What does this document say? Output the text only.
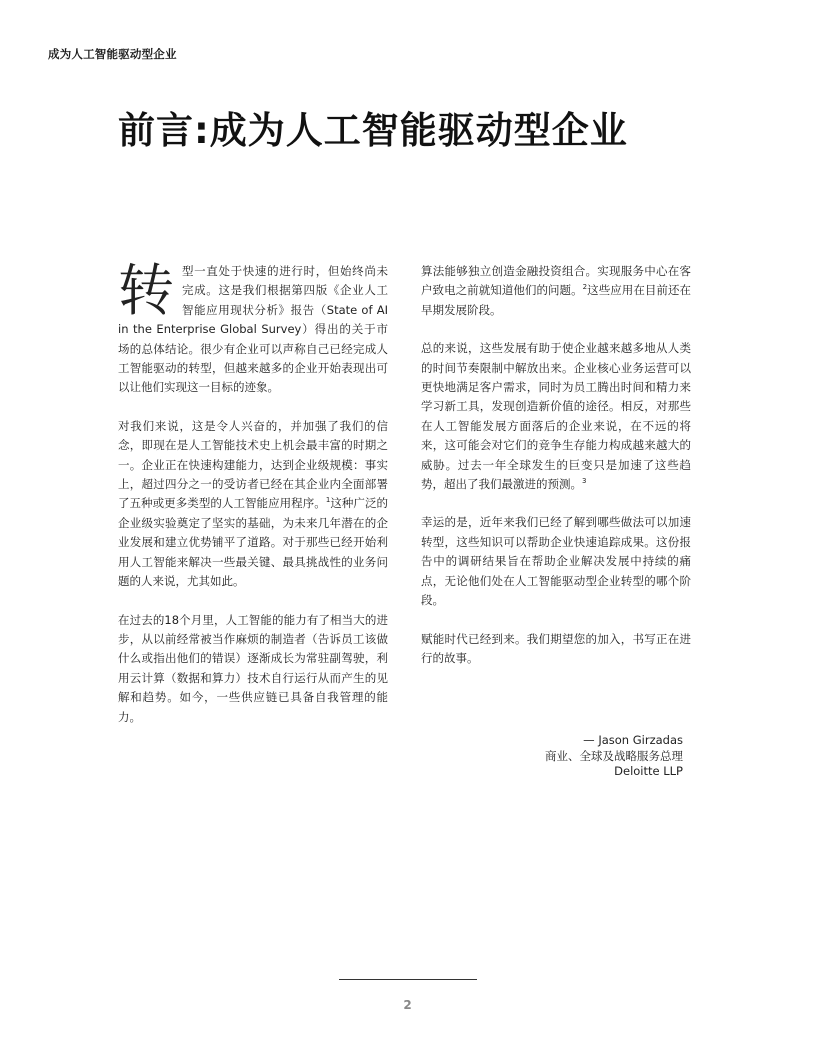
成为人工智能驱动型企业
前言:成为人工智能驱动型企业

转型一直处于快速的进行时，但始终尚未完成。这是我们根据第四版《企业人工智能应用现状分析》报告（State of AI in the Enterprise Global Survey）得出的关于市场的总体结论。很少有企业可以声称自己已经完成人工智能驱动的转型，但越来越多的企业开始表现出可以让他们实现这一目标的迹象。

对我们来说，这是令人兴奋的，并加强了我们的信念，即现在是人工智能技术史上机会最丰富的时期之一。企业正在快速构建能力，达到企业级规模：事实上，超过四分之一的受访者已经在其企业内全面部署了五种或更多类型的人工智能应用程序。$^1$这种广泛的企业级实验奠定了坚实的基础，为未来几年潜在的企业发展和建立优势铺平了道路。对于那些已经开始利用人工智能来解决一些最关键、最具挑战性的业务问题的人来说，尤其如此。

在过去的18个月里，人工智能的能力有了相当大的进步，从以前经常被当作麻烦的制造者（告诉员工该做什么或指出他们的错误）逐渐成长为常驻副驾驶，利用云计算（数据和算力）技术自行运行从而产生的见解和趋势。如今，一些供应链已具备自我管理的能力。

算法能够独立创造金融投资组合。实现服务中心在客户致电之前就知道他们的问题。$^2$这些应用在目前还在早期发展阶段。

总的来说，这些发展有助于使企业越来越多地从人类的时间节奏限制中解放出来。企业核心业务运营可以更快地满足客户需求，同时为员工腾出时间和精力来学习新工具，发现创造新价值的途径。相反，对那些在人工智能发展方面落后的企业来说，在不远的将来，这可能会对它们的竞争生存能力构成越来越大的威胁。过去一年全球发生的巨变只是加速了这些趋势，超出了我们最激进的预测。$^3$

幸运的是，近年来我们已经了解到哪些做法可以加速转型，这些知识可以帮助企业快速追踪成果。这份报告中的调研结果旨在帮助企业解决发展中持续的痛点，无论他们处在人工智能驱动型企业转型的哪个阶段。

赋能时代已经到来。我们期望您的加入，书写正在进行的故事。

— Jason Girzadas
商业、全球及战略服务总理
Deloitte LLP
2
